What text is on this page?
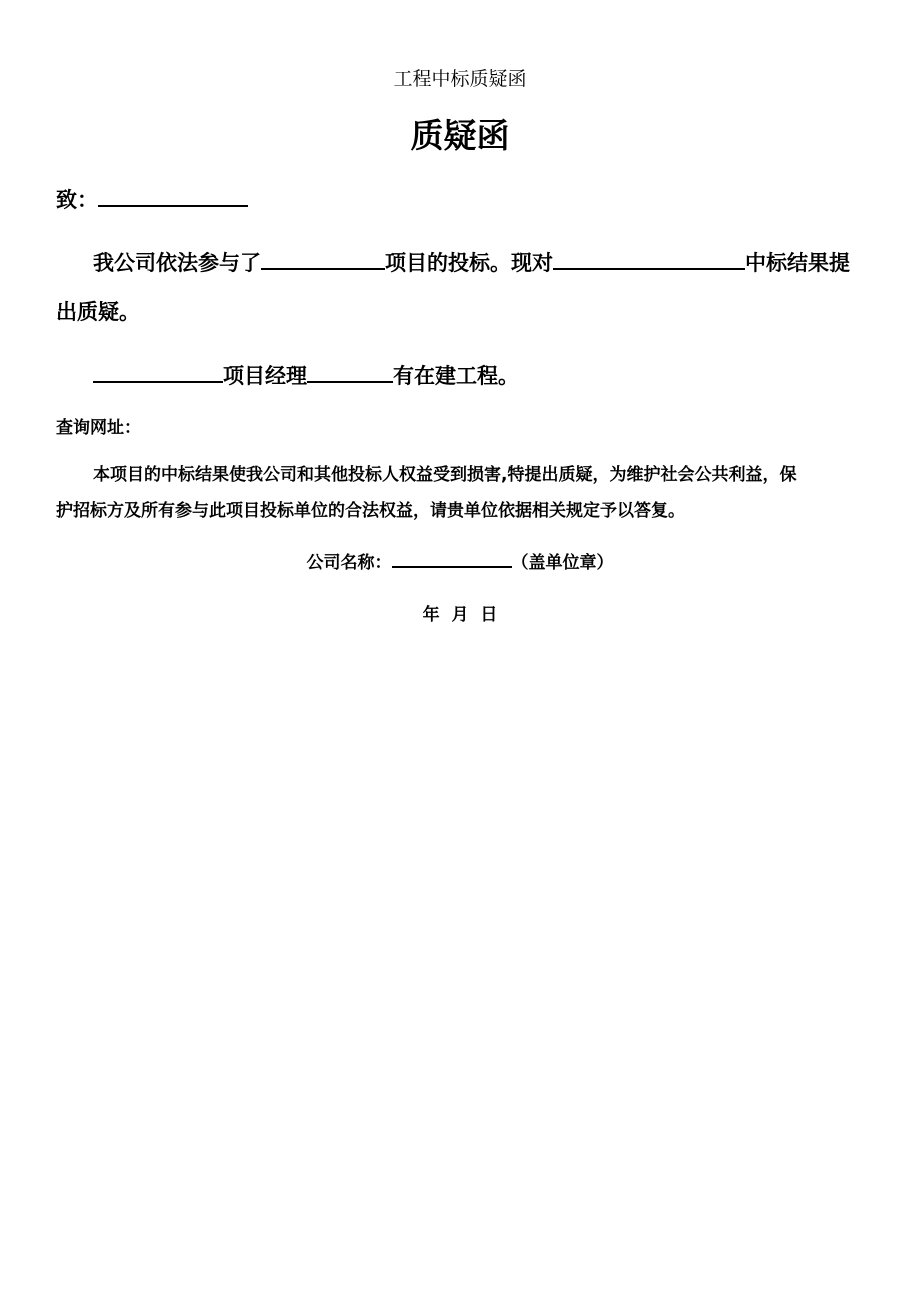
工程中标质疑函
质疑函
致：
我公司依法参与了	项目的投标。现对	中标结果提
出质疑。
项目经理	有在建工程。
查询网址：
本项目的中标结果使我公司和其他投标人权益受到损害,特提出质疑，为维护社会公共利益，保
护招标方及所有参与此项目投标单位的合法权益，请贵单位依据相关规定予以答复。
公司名称：	（盖单位章）
年 月 日
